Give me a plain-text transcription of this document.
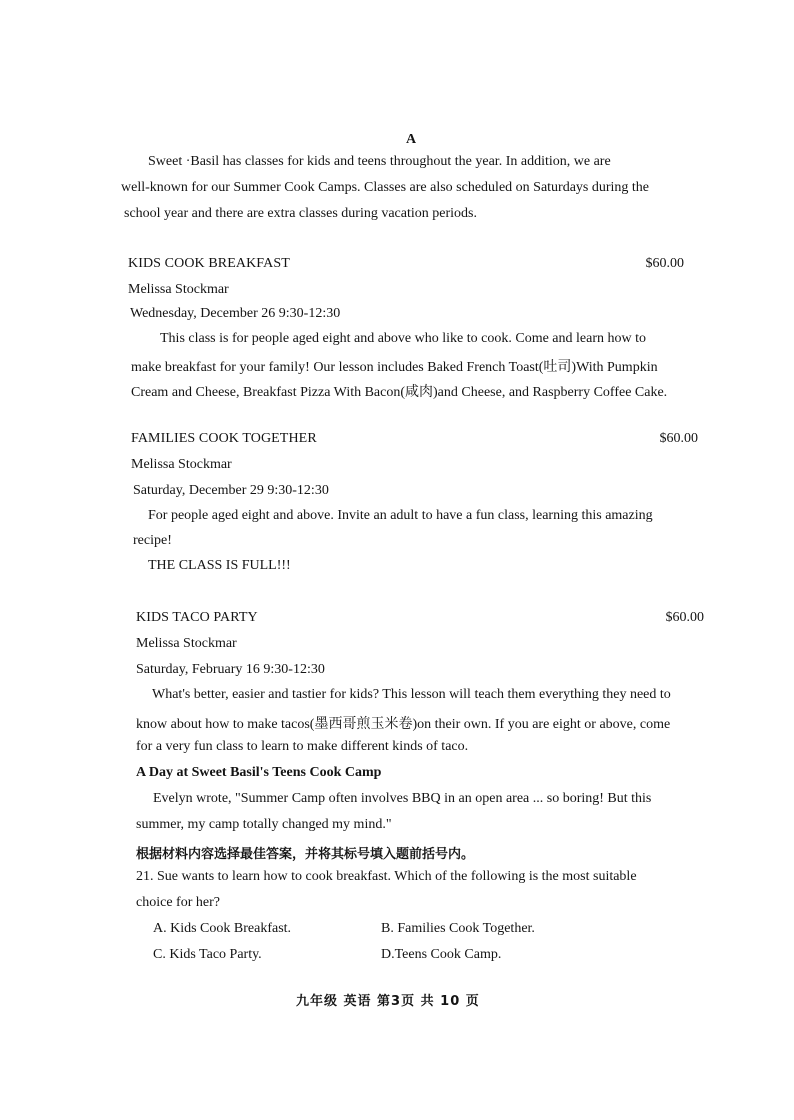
A
Sweet ·Basil has classes for kids and teens throughout the year. In addition, we are
well-known for our Summer Cook Camps. Classes are also scheduled on Saturdays during the
school year and there are extra classes during vacation periods.
KIDS COOK BREAKFAST	$60.00
Melissa Stockmar
Wednesday, December 26 9:30-12:30
This class is for people aged eight and above who like to cook. Come and learn how to
make breakfast for your family! Our lesson includes Baked French Toast(吐司)With Pumpkin
Cream and Cheese, Breakfast Pizza With Bacon(咸肉)and Cheese, and Raspberry Coffee Cake.
FAMILIES COOK TOGETHER	$60.00
Melissa Stockmar
Saturday, December 29 9:30-12:30
For people aged eight and above. Invite an adult to have a fun class, learning this amazing
recipe!
THE CLASS IS FULL!!!
KIDS TACO PARTY	$60.00
Melissa Stockmar
Saturday, February 16 9:30-12:30
What's better, easier and tastier for kids? This lesson will teach them everything they need to
know about how to make tacos(墨西哥煎玉米卷)on their own. If you are eight or above, come
for a very fun class to learn to make different kinds of taco.
A Day at Sweet Basil's Teens Cook Camp
Evelyn wrote, "Summer Camp often involves BBQ in an open area ... so boring! But this
summer, my camp totally changed my mind."
根据材料内容选择最佳答案，并将其标号填入题前括号内。
21. Sue wants to learn how to cook breakfast. Which of the following is the most suitable
choice for her?
A. Kids Cook Breakfast.	B. Families Cook Together.
C. Kids Taco Party.	D.Teens Cook Camp.
九年级 英语 第3页 共 10 页
